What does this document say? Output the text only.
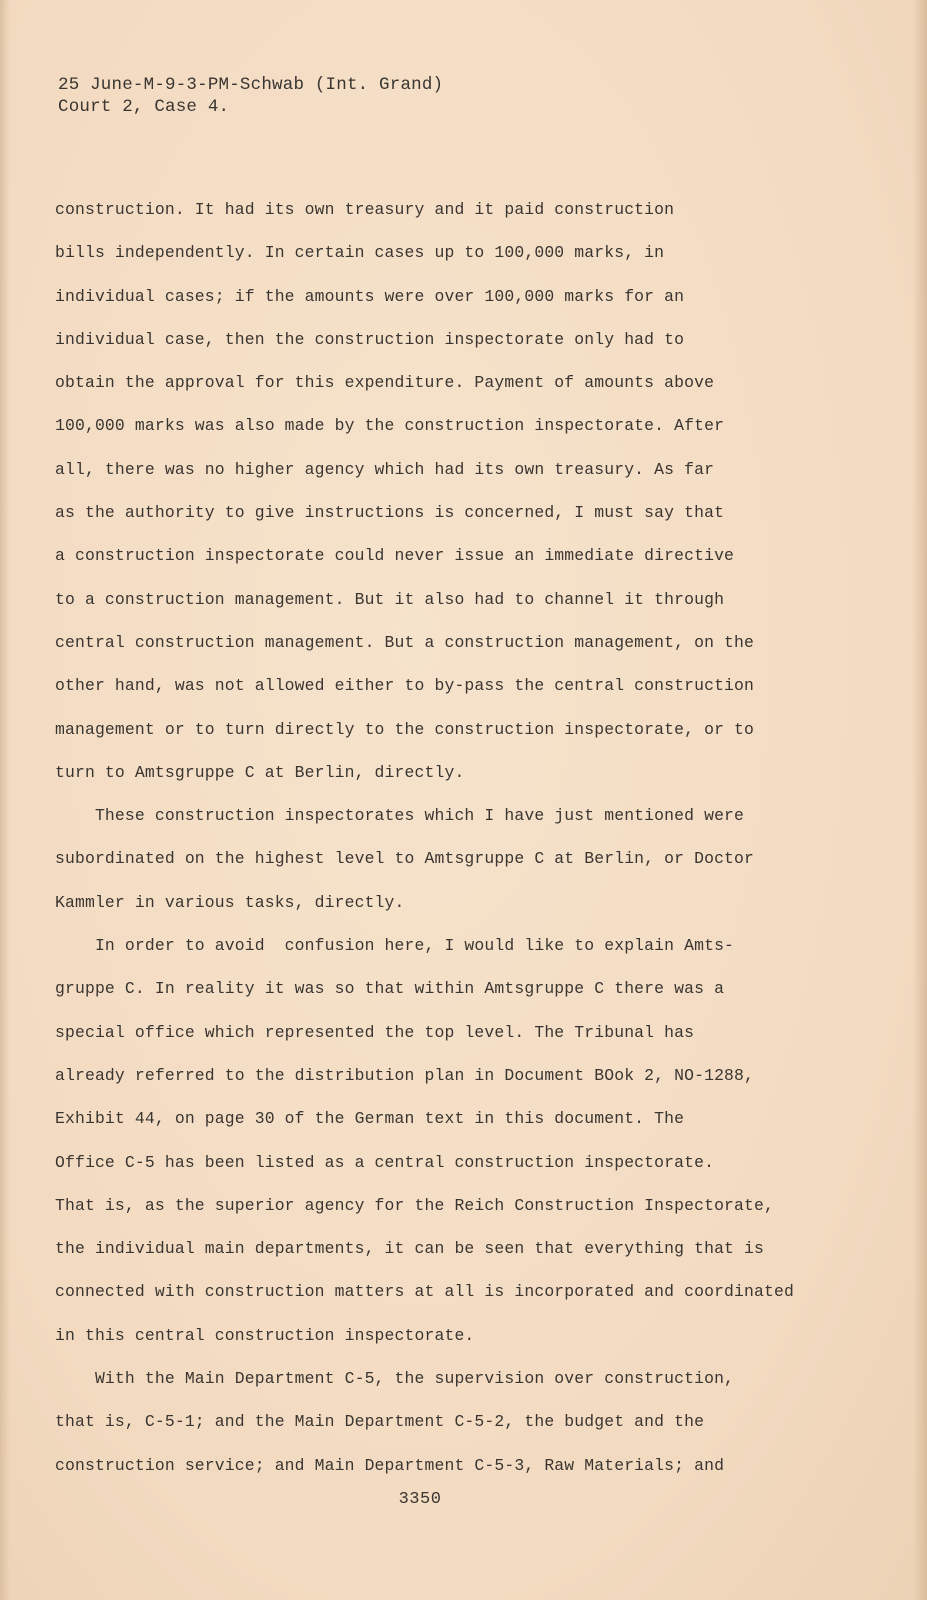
25 June-M-9-3-PM-Schwab (Int. Grand)
Court 2, Case 4.
construction. It had its own treasury and it paid construction
bills independently. In certain cases up to 100,000 marks, in
individual cases; if the amounts were over 100,000 marks for an
individual case, then the construction inspectorate only had to
obtain the approval for this expenditure. Payment of amounts above
100,000 marks was also made by the construction inspectorate. After
all, there was no higher agency which had its own treasury. As far
as the authority to give instructions is concerned, I must say that
a construction inspectorate could never issue an immediate directive
to a construction management. But it also had to channel it through
central construction management. But a construction management, on the
other hand, was not allowed either to by-pass the central construction
management or to turn directly to the construction inspectorate, or to
turn to Amtsgruppe C at Berlin, directly.
These construction inspectorates which I have just mentioned were
subordinated on the highest level to Amtsgruppe C at Berlin, or Doctor
Kammler in various tasks, directly.
In order to avoid  confusion here, I would like to explain Amts-
gruppe C. In reality it was so that within Amtsgruppe C there was a
special office which represented the top level. The Tribunal has
already referred to the distribution plan in Document BOok 2, NO-1288,
Exhibit 44, on page 30 of the German text in this document. The
Office C-5 has been listed as a central construction inspectorate.
That is, as the superior agency for the Reich Construction Inspectorate,
the individual main departments, it can be seen that everything that is
connected with construction matters at all is incorporated and coordinated
in this central construction inspectorate.
With the Main Department C-5, the supervision over construction,
that is, C-5-1; and the Main Department C-5-2, the budget and the
construction service; and Main Department C-5-3, Raw Materials; and
3350
